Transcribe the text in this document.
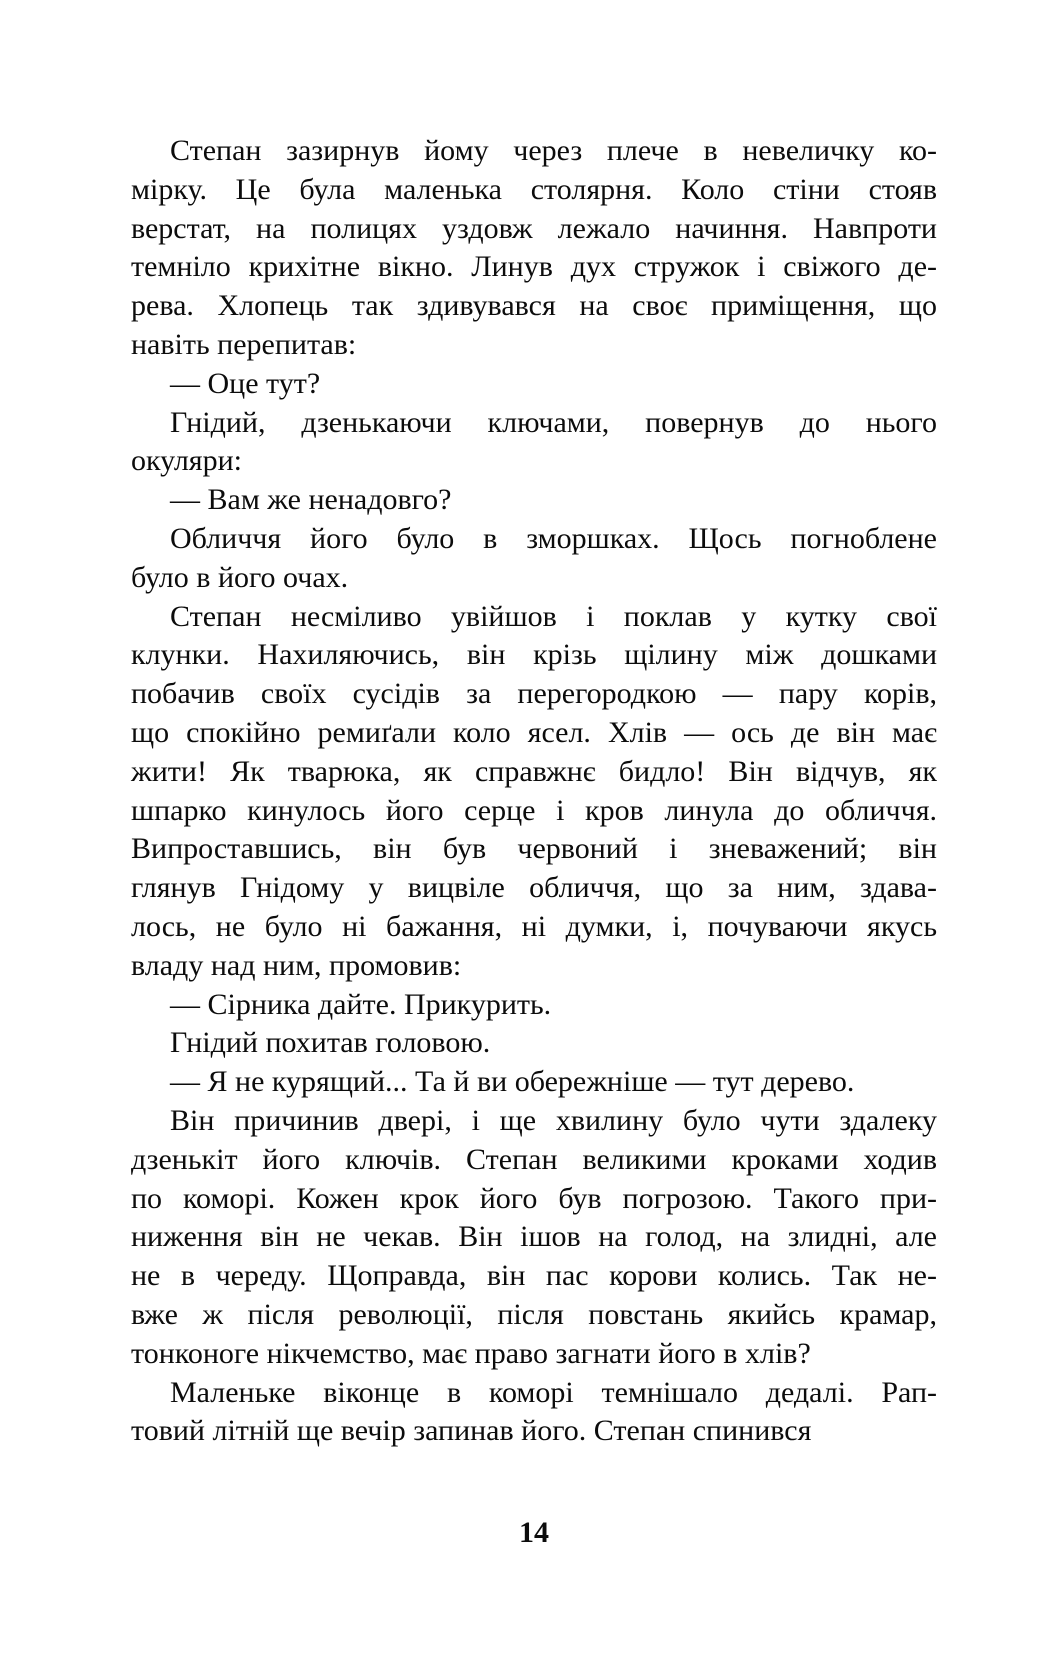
Степан зазирнув йому через плече в невеличку ко-
мірку. Це була маленька столярня. Коло стіни стояв
верстат, на полицях уздовж лежало начиння. Навпроти
темніло крихітне вікно. Линув дух стружок і свіжого де-
рева. Хлопець так здивувався на своє приміщення, що
навіть перепитав:
— Оце тут?
Гнідий, дзенькаючи ключами, повернув до нього
окуляри:
— Вам же ненадовго?
Обличчя його було в зморшках. Щось погноблене
було в його очах.
Степан несміливо увійшов і поклав у кутку свої
клунки. Нахиляючись, він крізь щілину між дошками
побачив своїх сусідів за перегородкою — пару корів,
що спокійно ремиґали коло ясел. Хлів — ось де він має
жити! Як тварюка, як справжнє бидло! Він відчув, як
шпарко кинулось його серце і кров линула до обличчя.
Випроставшись, він був червоний і зневажений; він
глянув Гнідому у вицвіле обличчя, що за ним, здава-
лось, не було ні бажання, ні думки, і, почуваючи якусь
владу над ним, промовив:
— Сірника дайте. Прикурить.
Гнідий похитав головою.
— Я не курящий... Та й ви обережніше — тут дерево.
Він причинив двері, і ще хвилину було чути здалеку
дзенькіт його ключів. Степан великими кроками ходив
по коморі. Кожен крок його був погрозою. Такого при-
ниження він не чекав. Він ішов на голод, на злидні, але
не в череду. Щоправда, він пас корови колись. Так не-
вже ж після революції, після повстань якийсь крамар,
тонконоге нікчемство, має право загнати його в хлів?
Маленьке віконце в коморі темнішало дедалі. Рап-
товий літній ще вечір запинав його. Степан спинився
14
